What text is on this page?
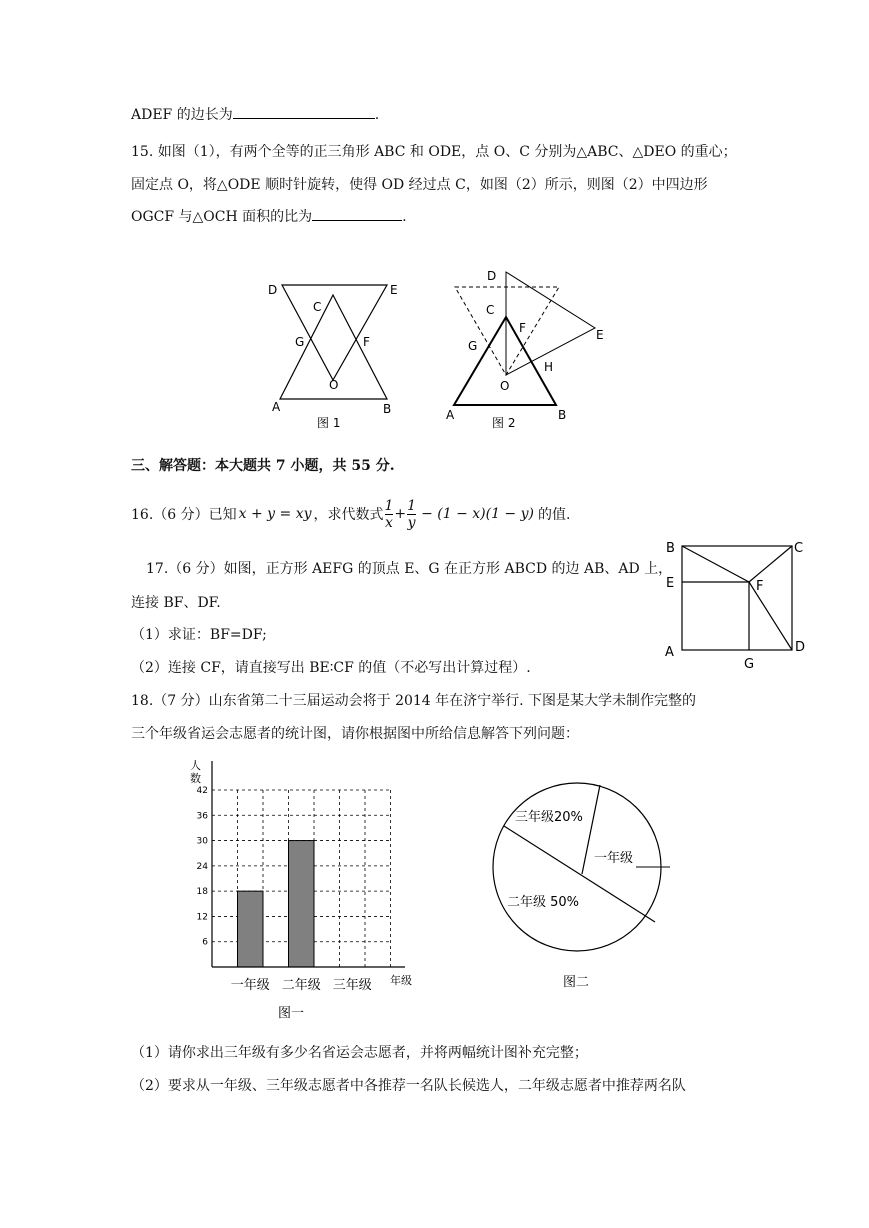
ADEF 的边长为	.
15. 如图（1），有两个全等的正三角形 ABC 和 ODE，点 O、C 分别为△ABC、△DEO 的重心；
固定点 O，将△ODE 顺时针旋转，使得 OD 经过点 C，如图（2）所示，则图（2）中四边形
OGCF 与△OCH 面积的比为	.
D	E
C
G	F
O
A	B
图 1
D
C
G
F	E
O
H
A	B
图 2
三、解答题：本大题共 7 小题，共 55 分.
16.（6 分）已知 x + y = xy ，求代数式 $\frac{1}{x} + \frac{1}{y} - (1 - x)(1 - y)$ 的值.
17.（6 分）如图，正方形 AEFG 的顶点 E、G 在正方形 ABCD 的边 AB、AD 上，
连接 BF、DF.
（1）求证：BF=DF;
（2）连接 CF，请直接写出 BE∶CF 的值（不必写出计算过程）.
B	C
E	F
A
G
D
18.（7 分）山东省第二十三届运动会将于 2014 年在济宁举行. 下图是某大学未制作完整的
三个年级省运会志愿者的统计图，请你根据图中所给信息解答下列问题：
6
12
18
24
30
36
42
一年级 二年级 三年级
人
数
年级
图一
三年级20%
一年级
二年级 50%
图二
（1）请你求出三年级有多少名省运会志愿者，并将两幅统计图补充完整；
（2）要求从一年级、三年级志愿者中各推荐一名队长候选人，二年级志愿者中推荐两名队
